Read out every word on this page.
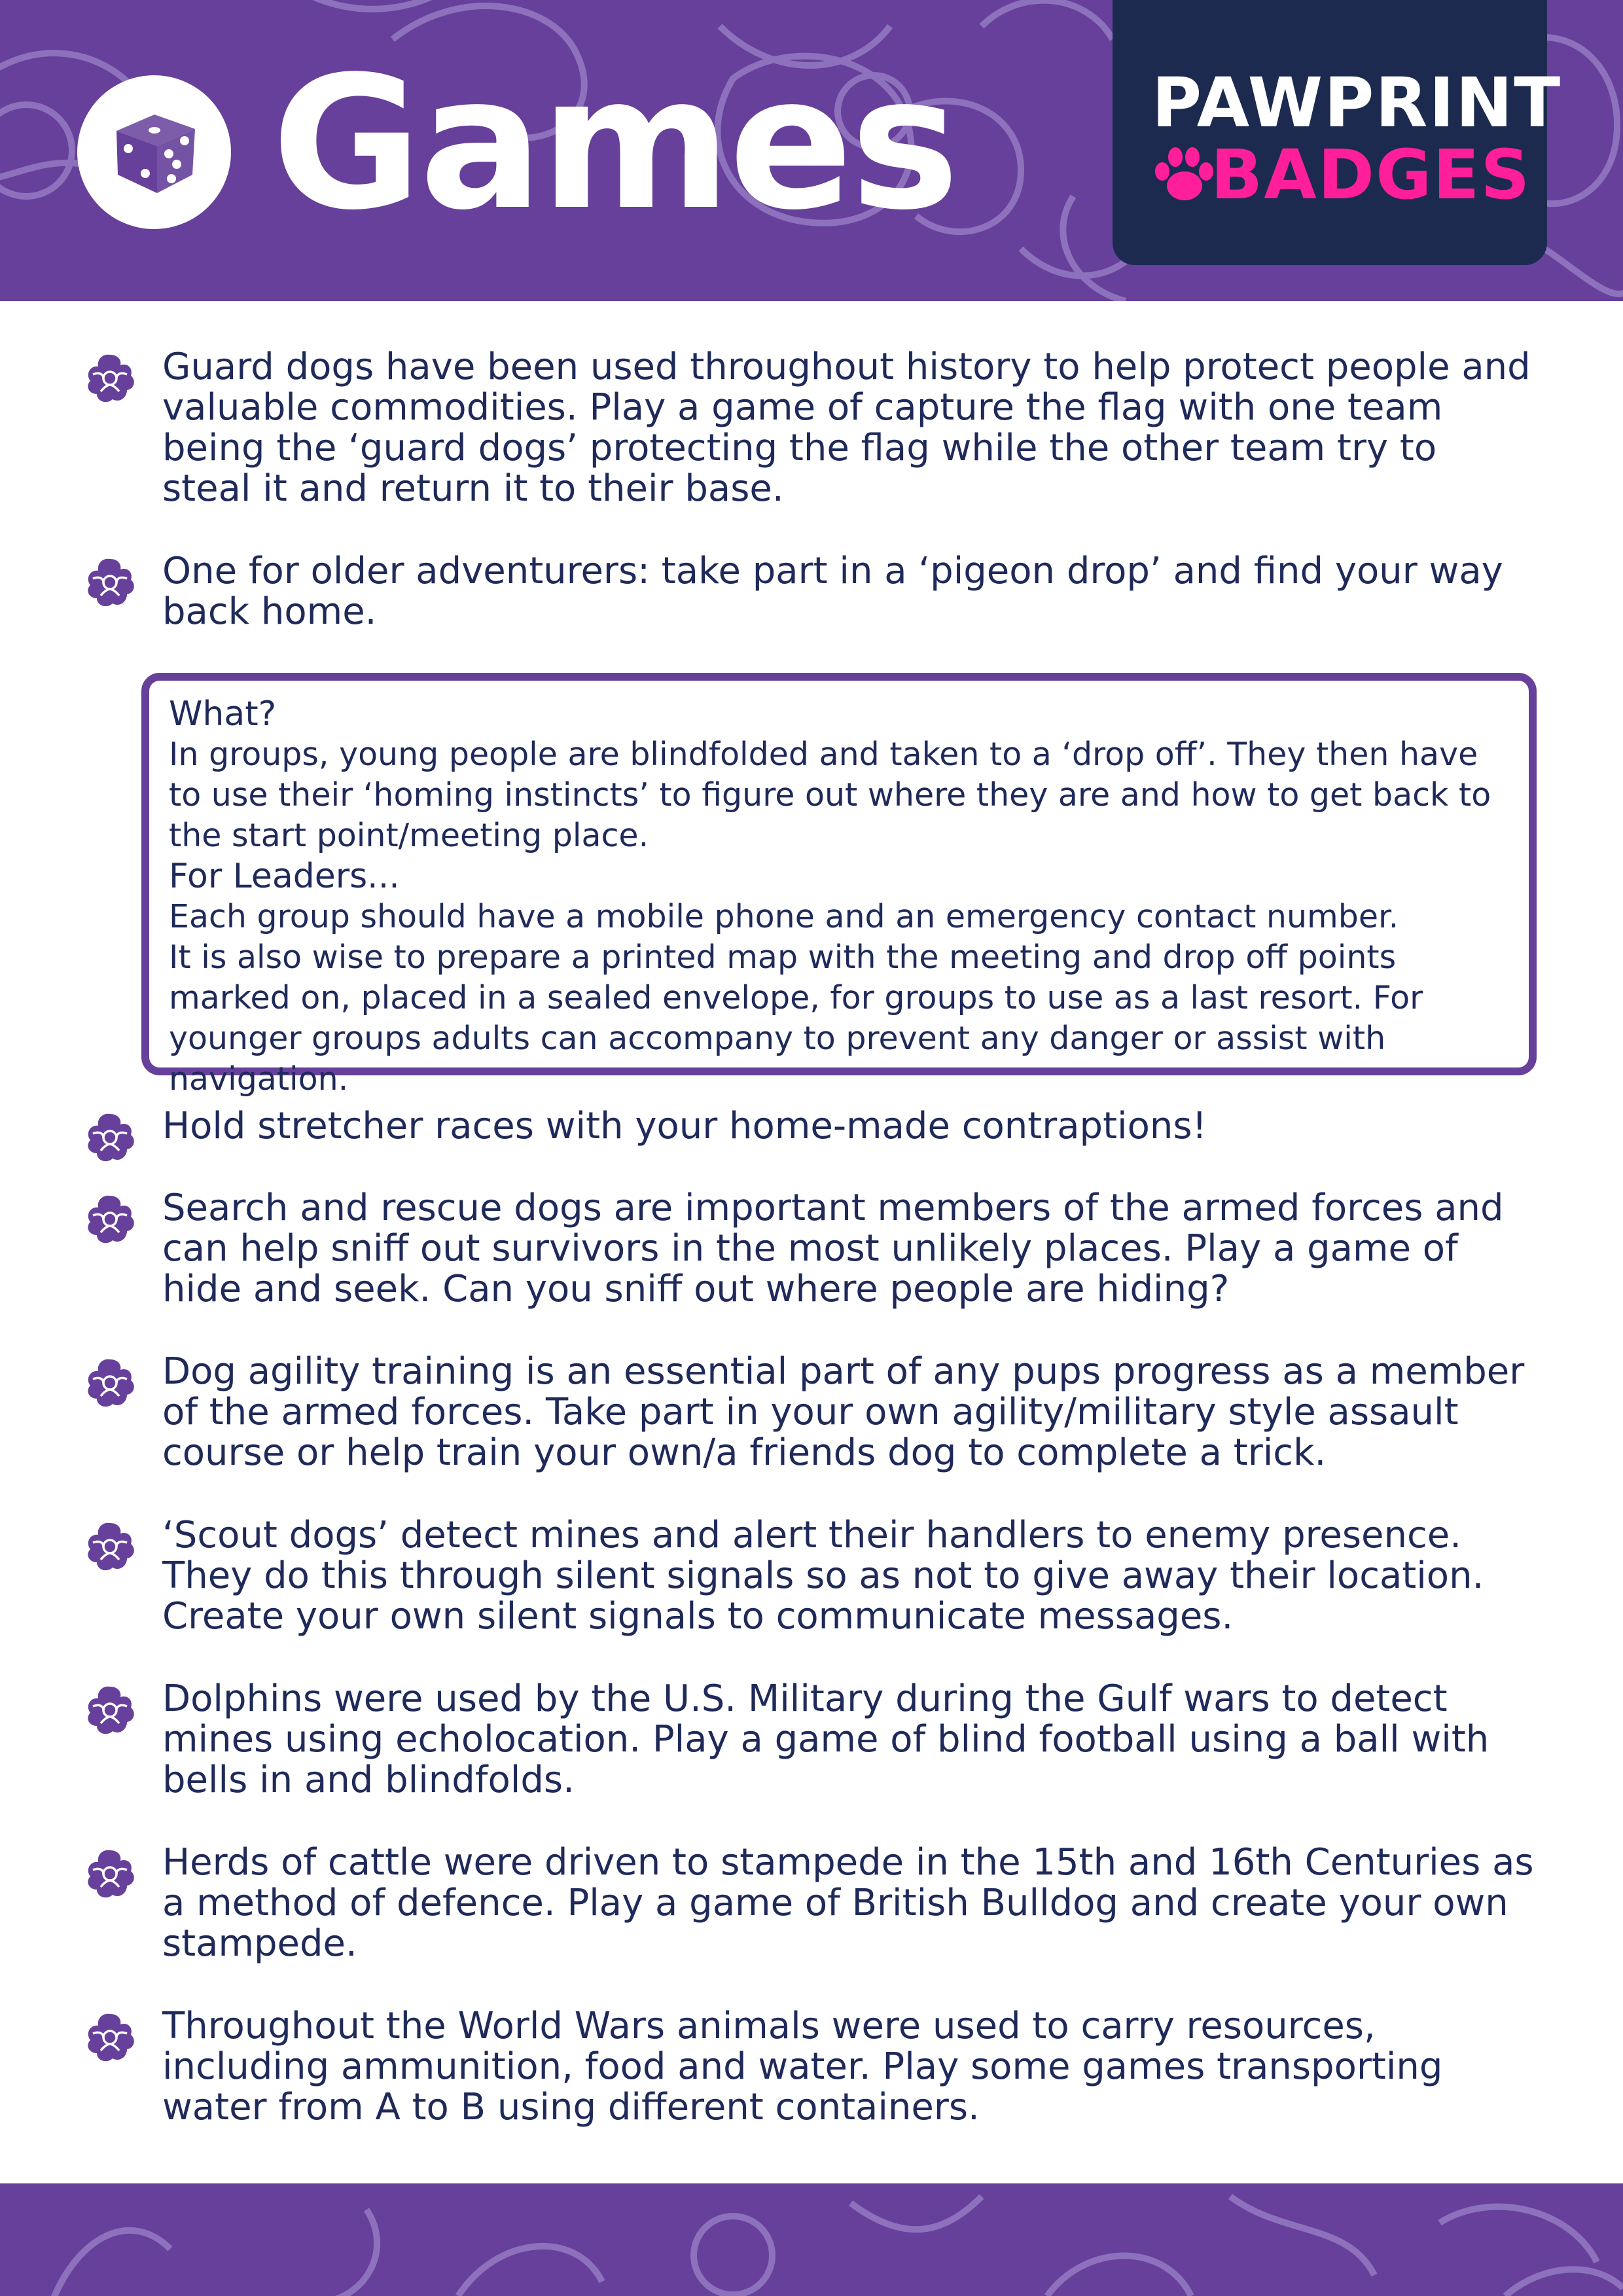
Games	PAWPRINT
BADGES
Guard dogs have been used throughout history to help protect people and valuable commodities. Play a game of capture the flag with one team being the ‘guard dogs’ protecting the flag while the other team try to steal it and return it to their base.
One for older adventurers: take part in a ‘pigeon drop’ and find your way back home.
Hold stretcher races with your home-made contraptions!
Search and rescue dogs are important members of the armed forces and can help sniff out survivors in the most unlikely places. Play a game of hide and seek. Can you sniff out where people are hiding?
Dog agility training is an essential part of any pups progress as a member of the armed forces. Take part in your own agility/military style assault course or help train your own/a friends dog to complete a trick.
‘Scout dogs’ detect mines and alert their handlers to enemy presence. They do this through silent signals so as not to give away their location. Create your own silent signals to communicate messages.
Dolphins were used by the U.S. Military during the Gulf wars to detect mines using echolocation. Play a game of blind football using a ball with bells in and blindfolds.
Herds of cattle were driven to stampede in the 15th and 16th Centuries as a method of defence. Play a game of British Bulldog and create your own stampede.
Throughout the World Wars animals were used to carry resources, including ammunition, food and water. Play some games transporting water from A to B using different containers.
What?
In groups, young people are blindfolded and taken to a ‘drop off’. They then have to use their ‘homing instincts’ to figure out where they are and how to get back to the start point/meeting place.
For Leaders...
Each group should have a mobile phone and an emergency contact number.
It is also wise to prepare a printed map with the meeting and drop off points marked on, placed in a sealed envelope, for groups to use as a last resort. For younger groups adults can accompany to prevent any danger or assist with navigation.
